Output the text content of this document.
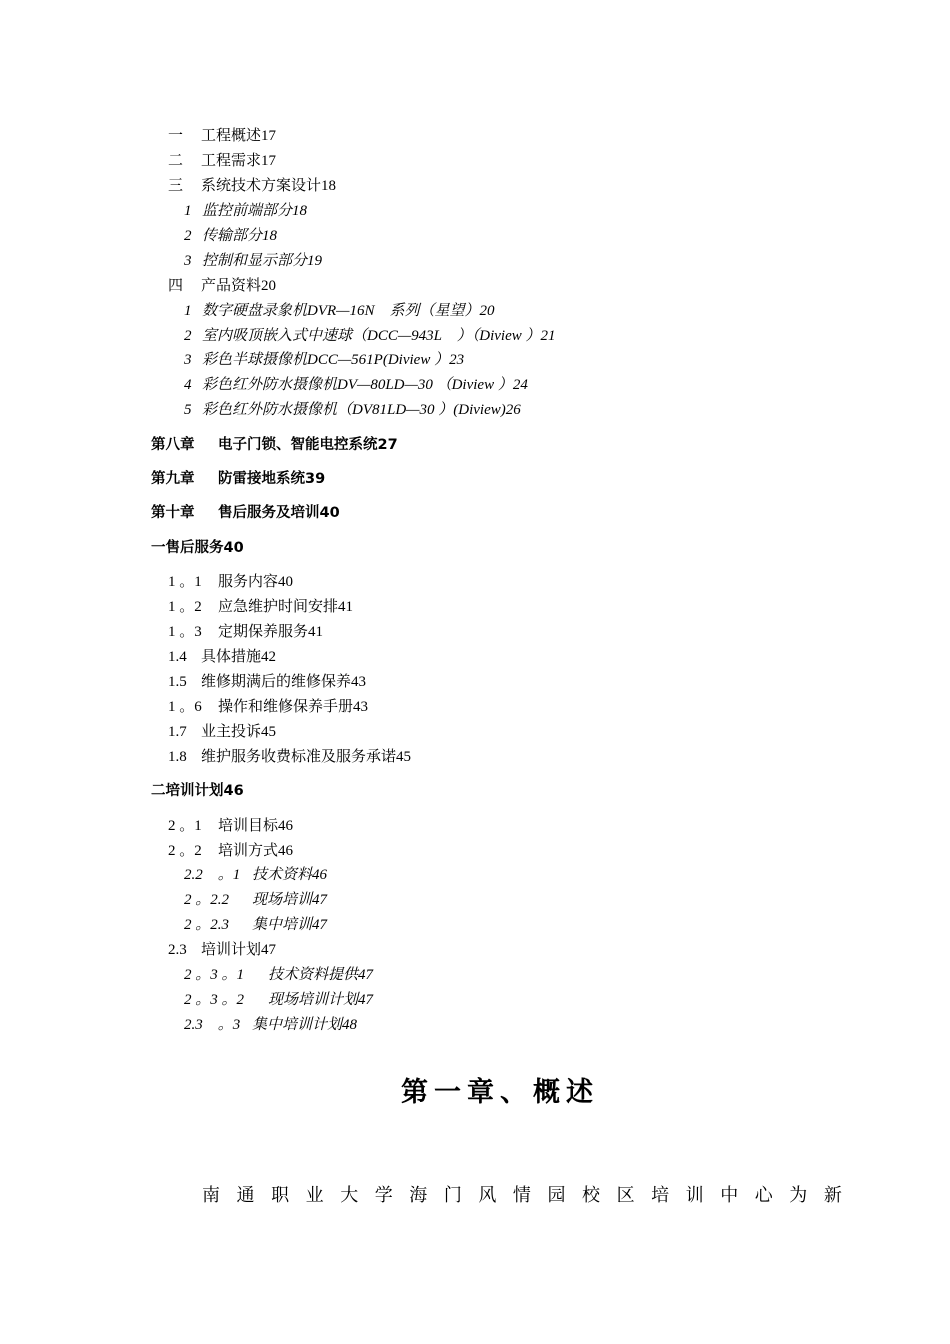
一 工程概述17
二 工程需求17
三 系统技术方案设计18
1 监控前端部分18
2 传输部分18
3 控制和显示部分19
四 产品资料20
1 数字硬盘录象机DVR—16N　系列（星望）20
2 室内吸顶嵌入式中速球（DCC—943L　）（Diview ）21
3 彩色半球摄像机DCC—561P(Diview ）23
4 彩色红外防水摄像机DV—80LD—30 （Diview ）24
5 彩色红外防水摄像机（DV81LD—30 ）(Diview)26
第八章 电子门锁、智能电控系统27
第九章 防雷接地系统39
第十章 售后服务及培训40
一售后服务40
1 。1 服务内容40
1 。2 应急维护时间安排41
1 。3 定期保养服务41
1.4 具体措施42
1.5 维修期满后的维修保养43
1 。6 操作和维修保养手册43
1.7 业主投诉45
1.8 维护服务收费标准及服务承诺45
二培训计划46
2 。1 培训目标46
2 。2 培训方式46
2.2　。1 技术资料46
2 。2.2 现场培训47
2 。2.3 集中培训47
2.3 培训计划47
2 。3 。1 技术资料提供47
2 。3 。2 现场培训计划47
2.3　。3 集中培训计划48
第一章、概述
南 通 职 业 大 学 海 门 风 情 园 校 区 培 训 中 心 为 新
